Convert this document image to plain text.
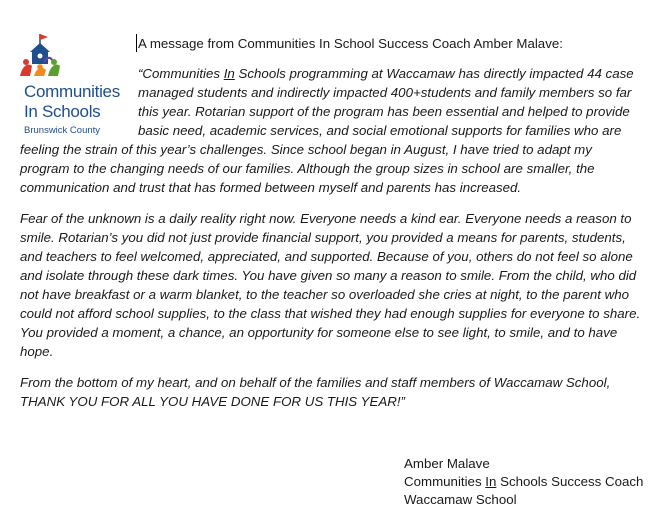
Communities
In Schools
Brunswick County
A message from Communities In School Success Coach Amber Malave:
“Communities In Schools programming at Waccamaw has directly impacted 44 case
managed students and indirectly impacted 400+students and family members so far
this year. Rotarian support of the program has been essential and helped to provide
basic need, academic services, and social emotional supports for families who are
feeling the strain of this year’s challenges. Since school began in August, I have tried to adapt my
program to the changing needs of our families. Although the group sizes in school are smaller, the
communication and trust that has formed between myself and parents has increased.
Fear of the unknown is a daily reality right now. Everyone needs a kind ear. Everyone needs a reason to
smile. Rotarian’s you did not just provide financial support, you provided a means for parents, students,
and teachers to feel welcomed, appreciated, and supported. Because of you, others do not feel so alone
and isolate through these dark times. You have given so many a reason to smile. From the child, who did
not have breakfast or a warm blanket, to the teacher so overloaded she cries at night, to the parent who
could not afford school supplies, to the class that wished they had enough supplies for everyone to share.
You provided a moment, a chance, an opportunity for someone else to see light, to smile, and to have
hope.
From the bottom of my heart, and on behalf of the families and staff members of Waccamaw School,
THANK YOU FOR ALL YOU HAVE DONE FOR US THIS YEAR!”
Amber Malave
Communities In Schools Success Coach
Waccamaw School
